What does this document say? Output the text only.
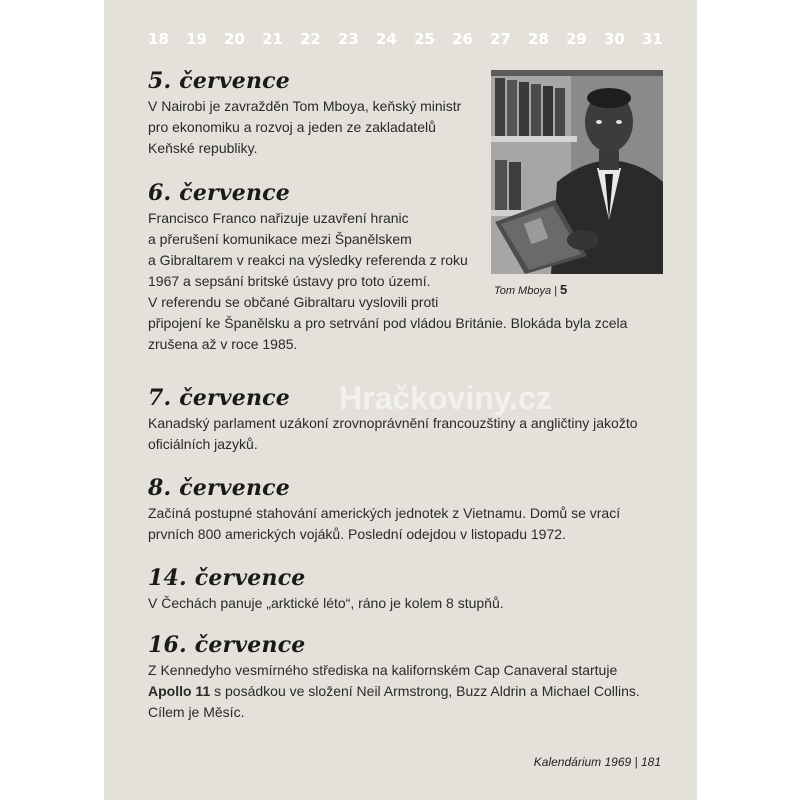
18 19 20 21 22 23 24 25 26 27 28 29 30 31
5. července
V Nairobi je zavražděn Tom Mboya, keňský ministr
pro ekonomiku a rozvoj a jeden ze zakladatelů
Keňské republiky.
6. července
Francisco Franco nařizuje uzavření hranic
a přerušení komunikace mezi Španělskem
a Gibraltarem v reakci na výsledky referenda z roku
1967 a sepsání britské ústavy pro toto území.
V referendu se občané Gibraltaru vyslovili proti
připojení ke Španělsku a pro setrvání pod vládou Británie. Blokáda byla zcela
zrušena až v roce 1985.
Tom Mboya | 5
Hračkoviny.cz
7. července
Kanadský parlament uzákoní zrovnoprávnění francouzštiny a angličtiny jakožto
oficiálních jazyků.
8. července
Začíná postupné stahování amerických jednotek z Vietnamu. Domů se vrací
prvních 800 amerických vojáků. Poslední odejdou v listopadu 1972.
14. července
V Čechách panuje „arktické léto“, ráno je kolem 8 stupňů.
16. července
Z Kennedyho vesmírného střediska na kalifornském Cap Canaveral startuje
Apollo 11 s posádkou ve složení Neil Armstrong, Buzz Aldrin a Michael Collins.
Cílem je Měsíc.
Kalendárium 1969 | 181
